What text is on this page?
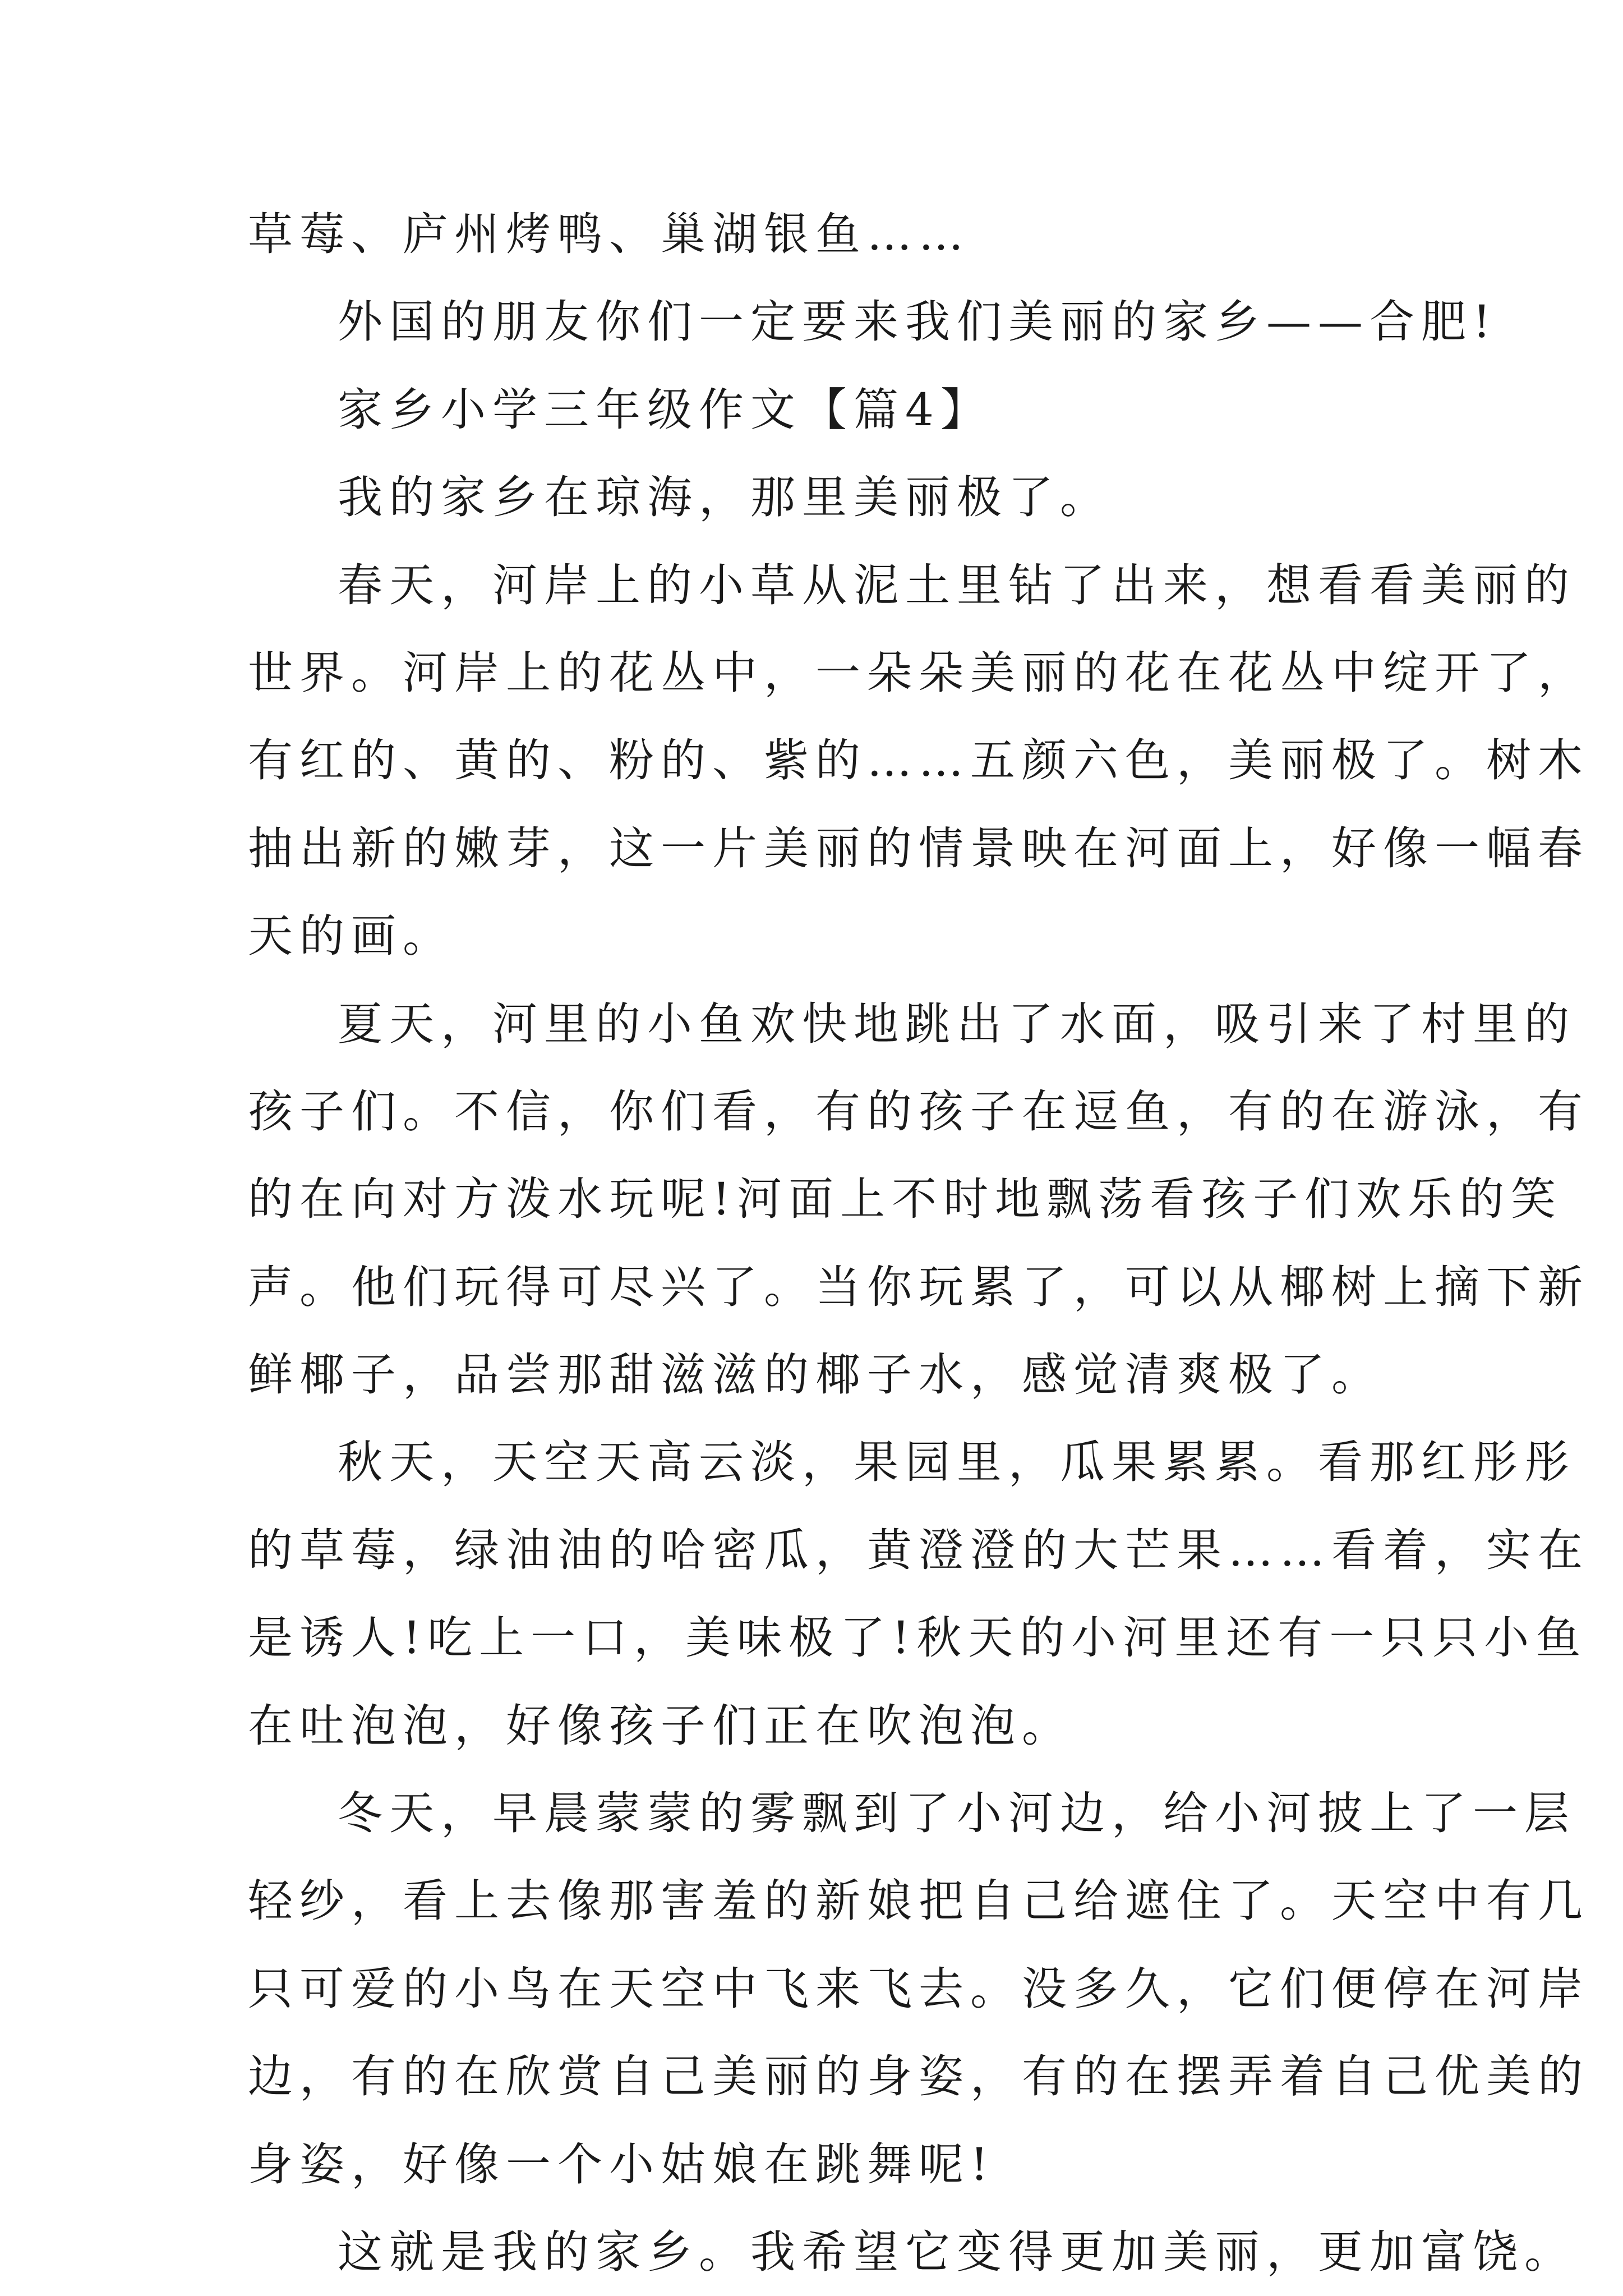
草莓、庐州烤鸭、巢湖银鱼……
外国的朋友你们一定要来我们美丽的家乡——合肥!
家乡小学三年级作文【篇4】
我的家乡在琼海，那里美丽极了。
春天，河岸上的小草从泥土里钻了出来，想看看美丽的
世界。河岸上的花丛中，一朵朵美丽的花在花丛中绽开了，
有红的、黄的、粉的、紫的……五颜六色，美丽极了。树木
抽出新的嫩芽，这一片美丽的情景映在河面上，好像一幅春
天的画。
夏天，河里的小鱼欢快地跳出了水面，吸引来了村里的
孩子们。不信，你们看，有的孩子在逗鱼，有的在游泳，有
的在向对方泼水玩呢!河面上不时地飘荡看孩子们欢乐的笑
声。他们玩得可尽兴了。当你玩累了，可以从椰树上摘下新
鲜椰子，品尝那甜滋滋的椰子水，感觉清爽极了。
秋天，天空天高云淡，果园里，瓜果累累。看那红彤彤
的草莓，绿油油的哈密瓜，黄澄澄的大芒果……看着，实在
是诱人!吃上一口，美味极了!秋天的小河里还有一只只小鱼
在吐泡泡，好像孩子们正在吹泡泡。
冬天，早晨蒙蒙的雾飘到了小河边，给小河披上了一层
轻纱，看上去像那害羞的新娘把自己给遮住了。天空中有几
只可爱的小鸟在天空中飞来飞去。没多久，它们便停在河岸
边，有的在欣赏自己美丽的身姿，有的在摆弄着自己优美的
身姿，好像一个小姑娘在跳舞呢!
这就是我的家乡。我希望它变得更加美丽，更加富饶。
